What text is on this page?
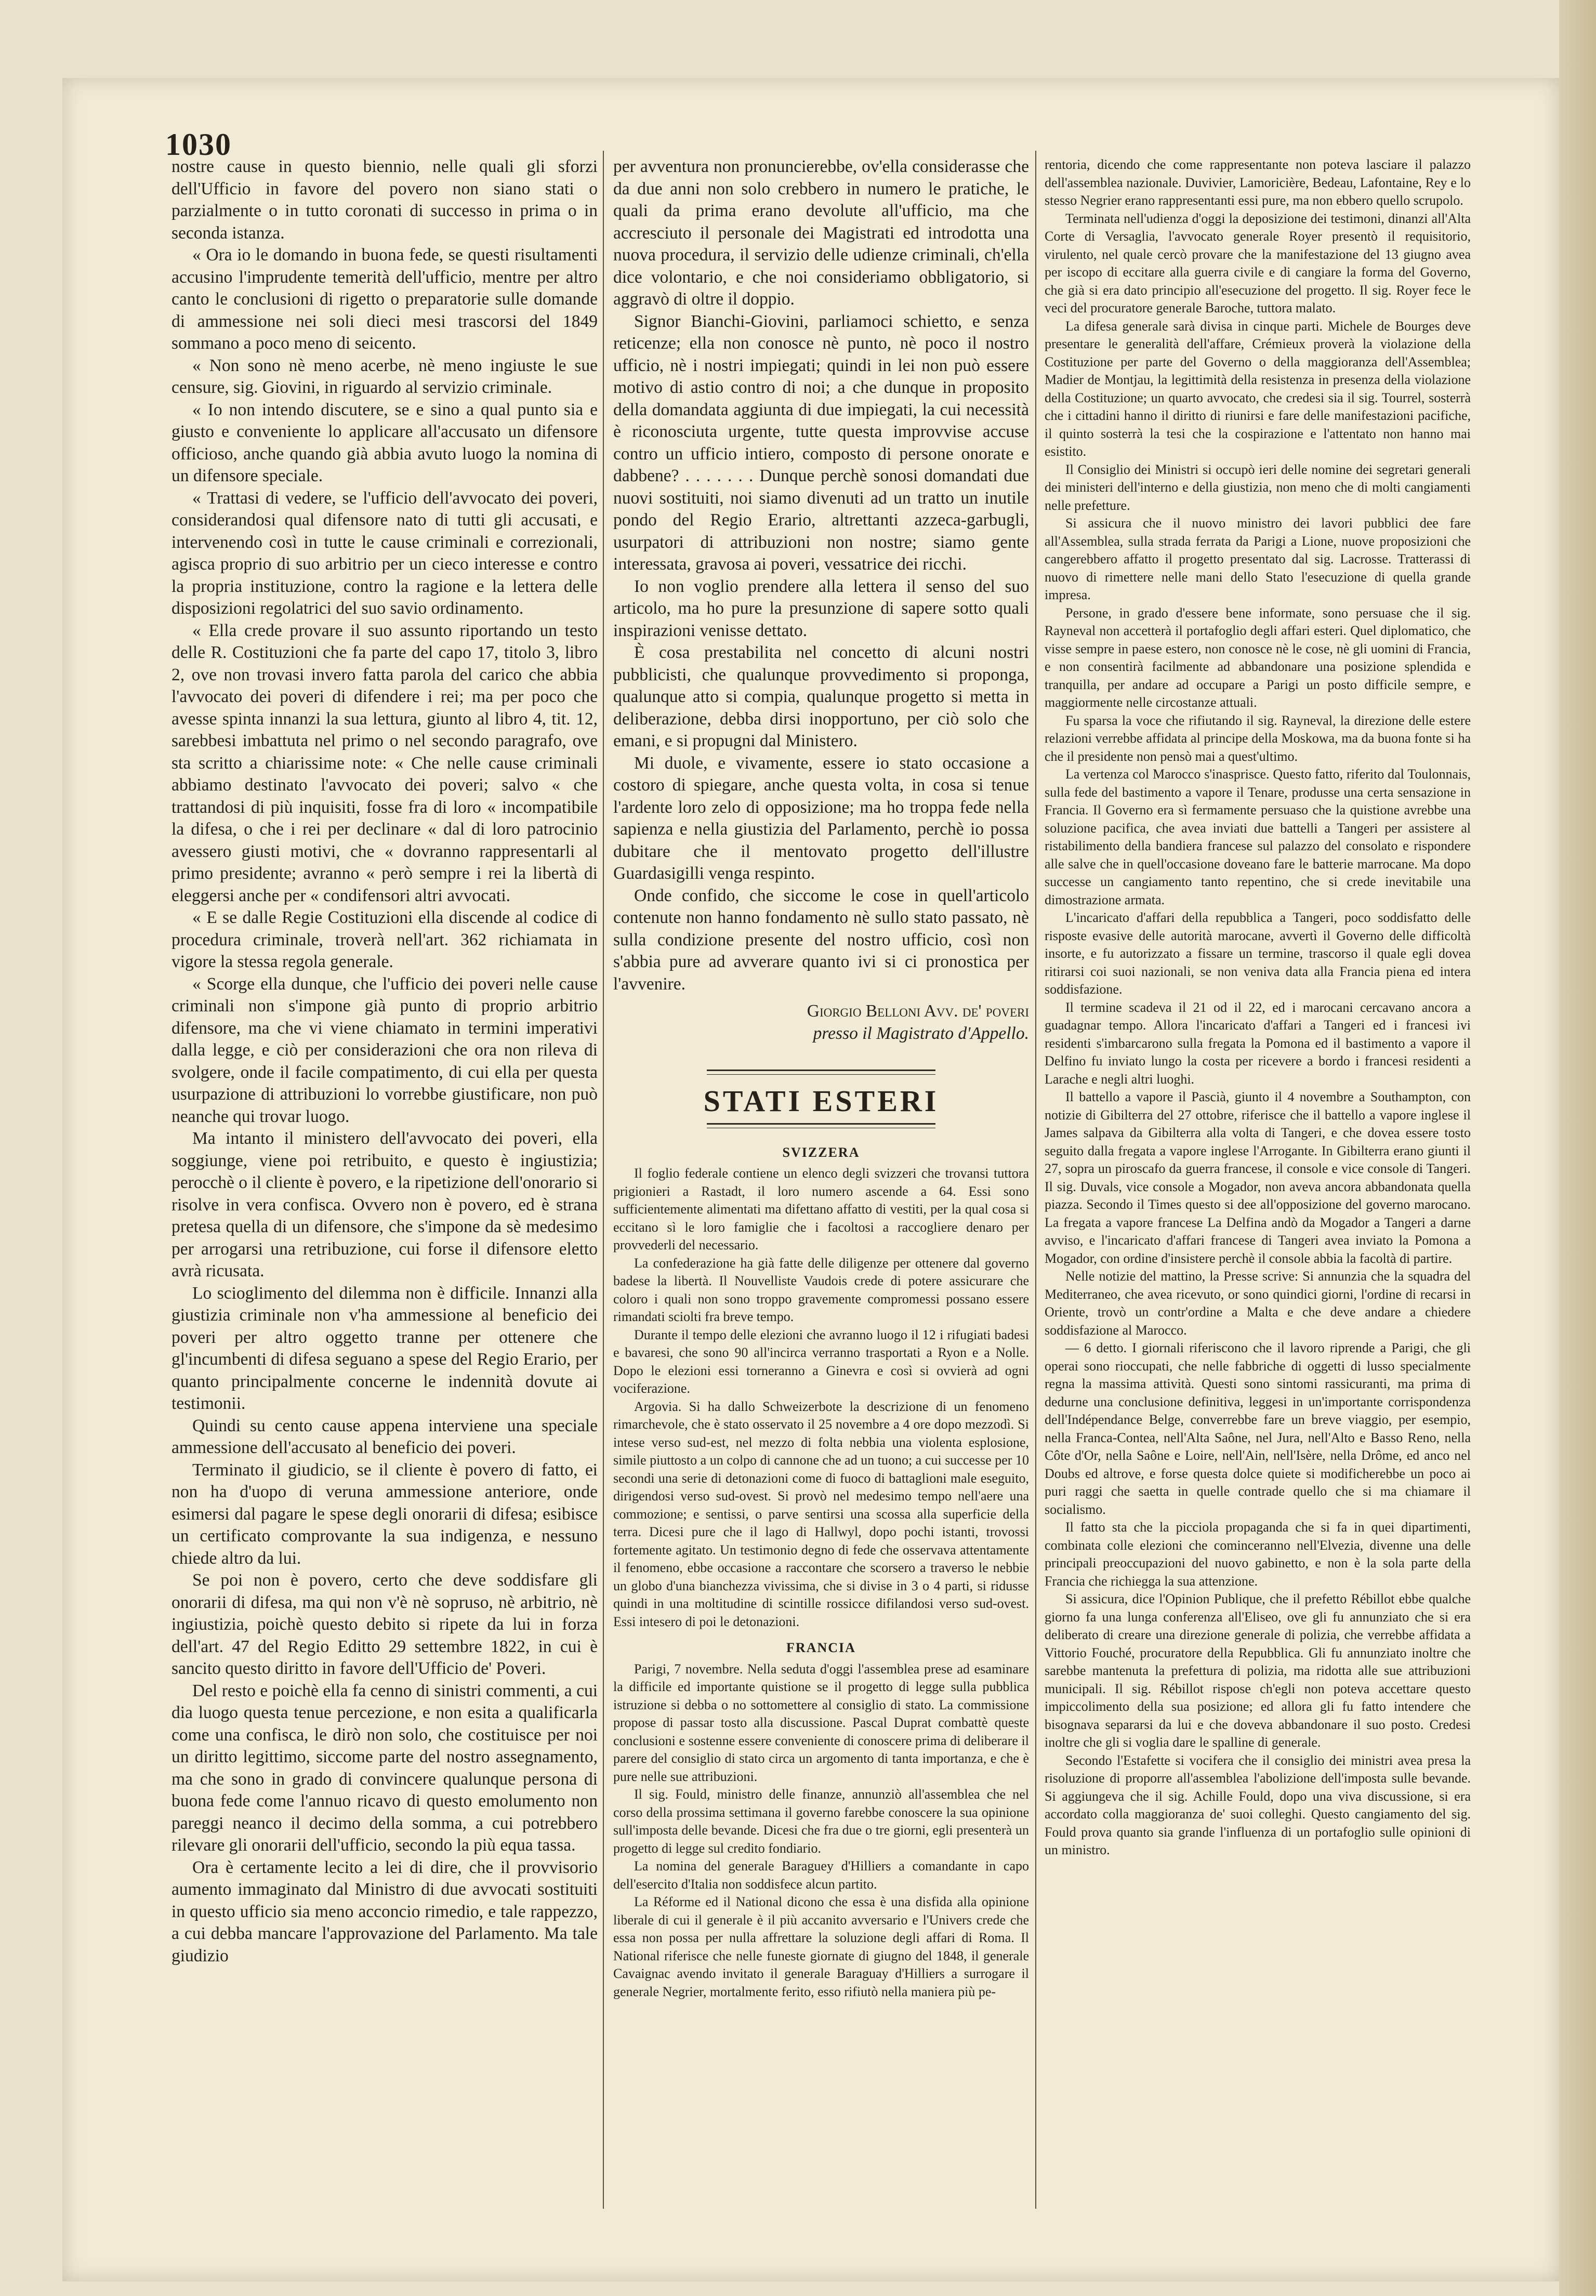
1030

nostre cause in questo biennio, nelle quali gli sforzi dell'Ufficio in favore del povero non siano stati o parzialmente o in tutto coronati di successo in prima o in seconda istanza.

« Ora io le domando in buona fede, se questi risultamenti accusino l'imprudente temerità dell'ufficio, mentre per altro canto le conclusioni di rigetto o preparatorie sulle domande di ammessione nei soli dieci mesi trascorsi del 1849 sommano a poco meno di seicento.

« Non sono nè meno acerbe, nè meno ingiuste le sue censure, sig. Giovini, in riguardo al servizio criminale.

« Io non intendo discutere, se e sino a qual punto sia e giusto e conveniente lo applicare all'accusato un difensore officioso, anche quando già abbia avuto luogo la nomina di un difensore speciale.

« Trattasi di vedere, se l'ufficio dell'avvocato dei poveri, considerandosi qual difensore nato di tutti gli accusati, e intervenendo così in tutte le cause criminali e correzionali, agisca proprio di suo arbitrio per un cieco interesse e contro la propria instituzione, contro la ragione e la lettera delle disposizioni regolatrici del suo savio ordinamento.

« Ella crede provare il suo assunto riportando un testo delle R. Costituzioni che fa parte del capo 17, titolo 3, libro 2, ove non trovasi invero fatta parola del carico che abbia l'avvocato dei poveri di difendere i rei; ma per poco che avesse spinta innanzi la sua lettura, giunto al libro 4, tit. 12, sarebbesi imbattuta nel primo o nel secondo paragrafo, ove sta scritto a chiarissime note: « Che nelle cause criminali abbiamo destinato l'avvocato dei poveri; salvo « che trattandosi di più inquisiti, fosse fra di loro « incompatibile la difesa, o che i rei per declinare « dal di loro patrocinio avessero giusti motivi, che « dovranno rappresentarli al primo presidente; avranno « però sempre i rei la libertà di eleggersi anche per « condifensori altri avvocati.

« E se dalle Regie Costituzioni ella discende al codice di procedura criminale, troverà nell'art. 362 richiamata in vigore la stessa regola generale.

« Scorge ella dunque, che l'ufficio dei poveri nelle cause criminali non s'impone già punto di proprio arbitrio difensore, ma che vi viene chiamato in termini imperativi dalla legge, e ciò per considerazioni che ora non rileva di svolgere, onde il facile compatimento, di cui ella per questa usurpazione di attribuzioni lo vorrebbe giustificare, non può neanche qui trovar luogo.

Ma intanto il ministero dell'avvocato dei poveri, ella soggiunge, viene poi retribuito, e questo è ingiustizia; perocchè o il cliente è povero, e la ripetizione dell'onorario si risolve in vera confisca. Ovvero non è povero, ed è strana pretesa quella di un difensore, che s'impone da sè medesimo per arrogarsi una retribuzione, cui forse il difensore eletto avrà ricusata.

Lo scioglimento del dilemma non è difficile. Innanzi alla giustizia criminale non v'ha ammessione al beneficio dei poveri per altro oggetto tranne per ottenere che gl'incumbenti di difesa seguano a spese del Regio Erario, per quanto principalmente concerne le indennità dovute ai testimonii.

Quindi su cento cause appena interviene una speciale ammessione dell'accusato al beneficio dei poveri.

Terminato il giudicio, se il cliente è povero di fatto, ei non ha d'uopo di veruna ammessione anteriore, onde esimersi dal pagare le spese degli onorarii di difesa; esibisce un certificato comprovante la sua indigenza, e nessuno chiede altro da lui.

Se poi non è povero, certo che deve soddisfare gli onorarii di difesa, ma qui non v'è nè sopruso, nè arbitrio, nè ingiustizia, poichè questo debito si ripete da lui in forza dell'art. 47 del Regio Editto 29 settembre 1822, in cui è sancito questo diritto in favore dell'Ufficio de' Poveri.

Del resto e poichè ella fa cenno di sinistri commenti, a cui dia luogo questa tenue percezione, e non esita a qualificarla come una confisca, le dirò non solo, che costituisce per noi un diritto legittimo, siccome parte del nostro assegnamento, ma che sono in grado di convincere qualunque persona di buona fede come l'annuo ricavo di questo emolumento non pareggi neanco il decimo della somma, a cui potrebbero rilevare gli onorarii dell'ufficio, secondo la più equa tassa.

Ora è certamente lecito a lei di dire, che il provvisorio aumento immaginato dal Ministro di due avvocati sostituiti in questo ufficio sia meno acconcio rimedio, e tale rappezzo, a cui debba mancare l'approvazione del Parlamento. Ma tale giudizio

per avventura non pronuncierebbe, ov'ella considerasse che da due anni non solo crebbero in numero le pratiche, le quali da prima erano devolute all'ufficio, ma che accresciuto il personale dei Magistrati ed introdotta una nuova procedura, il servizio delle udienze criminali, ch'ella dice volontario, e che noi consideriamo obbligatorio, si aggravò di oltre il doppio.

Signor Bianchi-Giovini, parliamoci schietto, e senza reticenze; ella non conosce nè punto, nè poco il nostro ufficio, nè i nostri impiegati; quindi in lei non può essere motivo di astio contro di noi; a che dunque in proposito della domandata aggiunta di due impiegati, la cui necessità è riconosciuta urgente, tutte questa improvvise accuse contro un ufficio intiero, composto di persone onorate e dabbene? . . . . . . . Dunque perchè sonosi domandati due nuovi sostituiti, noi siamo divenuti ad un tratto un inutile pondo del Regio Erario, altrettanti azzeca-garbugli, usurpatori di attribuzioni non nostre; siamo gente interessata, gravosa ai poveri, vessatrice dei ricchi.

Io non voglio prendere alla lettera il senso del suo articolo, ma ho pure la presunzione di sapere sotto quali inspirazioni venisse dettato.

È cosa prestabilita nel concetto di alcuni nostri pubblicisti, che qualunque provvedimento si proponga, qualunque atto si compia, qualunque progetto si metta in deliberazione, debba dirsi inopportuno, per ciò solo che emani, e si propugni dal Ministero.

Mi duole, e vivamente, essere io stato occasione a costoro di spiegare, anche questa volta, in cosa si tenue l'ardente loro zelo di opposizione; ma ho troppa fede nella sapienza e nella giustizia del Parlamento, perchè io possa dubitare che il mentovato progetto dell'illustre Guardasigilli venga respinto.

Onde confido, che siccome le cose in quell'articolo contenute non hanno fondamento nè sullo stato passato, nè sulla condizione presente del nostro ufficio, così non s'abbia pure ad avverare quanto ivi si ci pronostica per l'avvenire.

Giorgio Belloni Avv. de' poveri

presso il Magistrato d'Appello.

STATI ESTERI

SVIZZERA

Il foglio federale contiene un elenco degli svizzeri che trovansi tuttora prigionieri a Rastadt, il loro numero ascende a 64. Essi sono sufficientemente alimentati ma difettano affatto di vestiti, per la qual cosa si eccitano sì le loro famiglie che i facoltosi a raccogliere denaro per provvederli del necessario.

La confederazione ha già fatte delle diligenze per ottenere dal governo badese la libertà. Il Nouvelliste Vaudois crede di potere assicurare che coloro i quali non sono troppo gravemente compromessi possano essere rimandati sciolti fra breve tempo.

Durante il tempo delle elezioni che avranno luogo il 12 i rifugiati badesi e bavaresi, che sono 90 all'incirca verranno trasportati a Ryon e a Nolle. Dopo le elezioni essi torneranno a Ginevra e così si ovvierà ad ogni vociferazione.

Argovia. Si ha dallo Schweizerbote la descrizione di un fenomeno rimarchevole, che è stato osservato il 25 novembre a 4 ore dopo mezzodì. Si intese verso sud-est, nel mezzo di folta nebbia una violenta esplosione, simile piuttosto a un colpo di cannone che ad un tuono; a cui successe per 10 secondi una serie di detonazioni come di fuoco di battaglioni male eseguito, dirigendosi verso sud-ovest. Si provò nel medesimo tempo nell'aere una commozione; e sentissi, o parve sentirsi una scossa alla superficie della terra. Dicesi pure che il lago di Hallwyl, dopo pochi istanti, trovossi fortemente agitato. Un testimonio degno di fede che osservava attentamente il fenomeno, ebbe occasione a raccontare che scorsero a traverso le nebbie un globo d'una bianchezza vivissima, che si divise in 3 o 4 parti, si ridusse quindi in una moltitudine di scintille rossicce difilandosi verso sud-ovest. Essi intesero di poi le detonazioni.

FRANCIA

Parigi, 7 novembre. Nella seduta d'oggi l'assemblea prese ad esaminare la difficile ed importante quistione se il progetto di legge sulla pubblica istruzione si debba o no sottomettere al consiglio di stato. La commissione propose di passar tosto alla discussione. Pascal Duprat combattè queste conclusioni e sostenne essere conveniente di conoscere prima di deliberare il parere del consiglio di stato circa un argomento di tanta importanza, e che è pure nelle sue attribuzioni.

Il sig. Fould, ministro delle finanze, annunziò all'assemblea che nel corso della prossima settimana il governo farebbe conoscere la sua opinione sull'imposta delle bevande. Dicesi che fra due o tre giorni, egli presenterà un progetto di legge sul credito fondiario.

La nomina del generale Baraguey d'Hilliers a comandante in capo dell'esercito d'Italia non soddisfece alcun partito.

La Réforme ed il National dicono che essa è una disfida alla opinione liberale di cui il generale è il più accanito avversario e l'Univers crede che essa non possa per nulla affrettare la soluzione degli affari di Roma. Il National riferisce che nelle funeste giornate di giugno del 1848, il generale Cavaignac avendo invitato il generale Baraguay d'Hilliers a surrogare il generale Negrier, mortalmente ferito, esso rifiutò nella maniera più pe-

rentoria, dicendo che come rappresentante non poteva lasciare il palazzo dell'assemblea nazionale. Duvivier, Lamoricière, Bedeau, Lafontaine, Rey e lo stesso Negrier erano rappresentanti essi pure, ma non ebbero quello scrupolo.

Terminata nell'udienza d'oggi la deposizione dei testimoni, dinanzi all'Alta Corte di Versaglia, l'avvocato generale Royer presentò il requisitorio, virulento, nel quale cercò provare che la manifestazione del 13 giugno avea per iscopo di eccitare alla guerra civile e di cangiare la forma del Governo, che già si era dato principio all'esecuzione del progetto. Il sig. Royer fece le veci del procuratore generale Baroche, tuttora malato.

La difesa generale sarà divisa in cinque parti. Michele de Bourges deve presentare le generalità dell'affare, Crémieux proverà la violazione della Costituzione per parte del Governo o della maggioranza dell'Assemblea; Madier de Montjau, la legittimità della resistenza in presenza della violazione della Costituzione; un quarto avvocato, che credesi sia il sig. Tourrel, sosterrà che i cittadini hanno il diritto di riunirsi e fare delle manifestazioni pacifiche, il quinto sosterrà la tesi che la cospirazione e l'attentato non hanno mai esistito.

Il Consiglio dei Ministri si occupò ieri delle nomine dei segretari generali dei ministeri dell'interno e della giustizia, non meno che di molti cangiamenti nelle prefetture.

Si assicura che il nuovo ministro dei lavori pubblici dee fare all'Assemblea, sulla strada ferrata da Parigi a Lione, nuove proposizioni che cangerebbero affatto il progetto presentato dal sig. Lacrosse. Tratterassi di nuovo di rimettere nelle mani dello Stato l'esecuzione di quella grande impresa.

Persone, in grado d'essere bene informate, sono persuase che il sig. Rayneval non accetterà il portafoglio degli affari esteri. Quel diplomatico, che visse sempre in paese estero, non conosce nè le cose, nè gli uomini di Francia, e non consentirà facilmente ad abbandonare una posizione splendida e tranquilla, per andare ad occupare a Parigi un posto difficile sempre, e maggiormente nelle circostanze attuali.

Fu sparsa la voce che rifiutando il sig. Rayneval, la direzione delle estere relazioni verrebbe affidata al principe della Moskowa, ma da buona fonte si ha che il presidente non pensò mai a quest'ultimo.

La vertenza col Marocco s'inasprisce. Questo fatto, riferito dal Toulonnais, sulla fede del bastimento a vapore il Tenare, produsse una certa sensazione in Francia. Il Governo era sì fermamente persuaso che la quistione avrebbe una soluzione pacifica, che avea inviati due battelli a Tangeri per assistere al ristabilimento della bandiera francese sul palazzo del consolato e rispondere alle salve che in quell'occasione doveano fare le batterie marrocane. Ma dopo successe un cangiamento tanto repentino, che si crede inevitabile una dimostrazione armata.

L'incaricato d'affari della repubblica a Tangeri, poco soddisfatto delle risposte evasive delle autorità marocane, avvertì il Governo delle difficoltà insorte, e fu autorizzato a fissare un termine, trascorso il quale egli dovea ritirarsi coi suoi nazionali, se non veniva data alla Francia piena ed intera soddisfazione.

Il termine scadeva il 21 od il 22, ed i marocani cercavano ancora a guadagnar tempo. Allora l'incaricato d'affari a Tangeri ed i francesi ivi residenti s'imbarcarono sulla fregata la Pomona ed il bastimento a vapore il Delfino fu inviato lungo la costa per ricevere a bordo i francesi residenti a Larache e negli altri luoghi.

Il battello a vapore il Pascià, giunto il 4 novembre a Southampton, con notizie di Gibilterra del 27 ottobre, riferisce che il battello a vapore inglese il James salpava da Gibilterra alla volta di Tangeri, e che dovea essere tosto seguito dalla fregata a vapore inglese l'Arrogante. In Gibilterra erano giunti il 27, sopra un piroscafo da guerra francese, il console e vice console di Tangeri. Il sig. Duvals, vice console a Mogador, non aveva ancora abbandonata quella piazza. Secondo il Times questo si dee all'opposizione del governo marocano. La fregata a vapore francese La Delfina andò da Mogador a Tangeri a darne avviso, e l'incaricato d'affari francese di Tangeri avea inviato la Pomona a Mogador, con ordine d'insistere perchè il console abbia la facoltà di partire.

Nelle notizie del mattino, la Presse scrive: Si annunzia che la squadra del Mediterraneo, che avea ricevuto, or sono quindici giorni, l'ordine di recarsi in Oriente, trovò un contr'ordine a Malta e che deve andare a chiedere soddisfazione al Marocco.

— 6 detto. I giornali riferiscono che il lavoro riprende a Parigi, che gli operai sono rioccupati, che nelle fabbriche di oggetti di lusso specialmente regna la massima attività. Questi sono sintomi rassicuranti, ma prima di dedurne una conclusione definitiva, leggesi in un'importante corrispondenza dell'Indépendance Belge, converrebbe fare un breve viaggio, per esempio, nella Franca-Contea, nell'Alta Saône, nel Jura, nell'Alto e Basso Reno, nella Côte d'Or, nella Saône e Loire, nell'Ain, nell'Isère, nella Drôme, ed anco nel Doubs ed altrove, e forse questa dolce quiete si modificherebbe un poco ai puri raggi che saetta in quelle contrade quello che si ma chiamare il socialismo.

Il fatto sta che la picciola propaganda che si fa in quei dipartimenti, combinata colle elezioni che cominceranno nell'Elvezia, divenne una delle principali preoccupazioni del nuovo gabinetto, e non è la sola parte della Francia che richiegga la sua attenzione.

Si assicura, dice l'Opinion Publique, che il prefetto Rébillot ebbe qualche giorno fa una lunga conferenza all'Eliseo, ove gli fu annunziato che si era deliberato di creare una direzione generale di polizia, che verrebbe affidata a Vittorio Fouché, procuratore della Repubblica. Gli fu annunziato inoltre che sarebbe mantenuta la prefettura di polizia, ma ridotta alle sue attribuzioni municipali. Il sig. Rébillot rispose ch'egli non poteva accettare questo impiccolimento della sua posizione; ed allora gli fu fatto intendere che bisognava separarsi da lui e che doveva abbandonare il suo posto. Credesi inoltre che gli si voglia dare le spalline di generale.

Secondo l'Estafette si vocifera che il consiglio dei ministri avea presa la risoluzione di proporre all'assemblea l'abolizione dell'imposta sulle bevande. Si aggiungeva che il sig. Achille Fould, dopo una viva discussione, si era accordato colla maggioranza de' suoi colleghi. Questo cangiamento del sig. Fould prova quanto sia grande l'influenza di un portafoglio sulle opinioni di un ministro.
